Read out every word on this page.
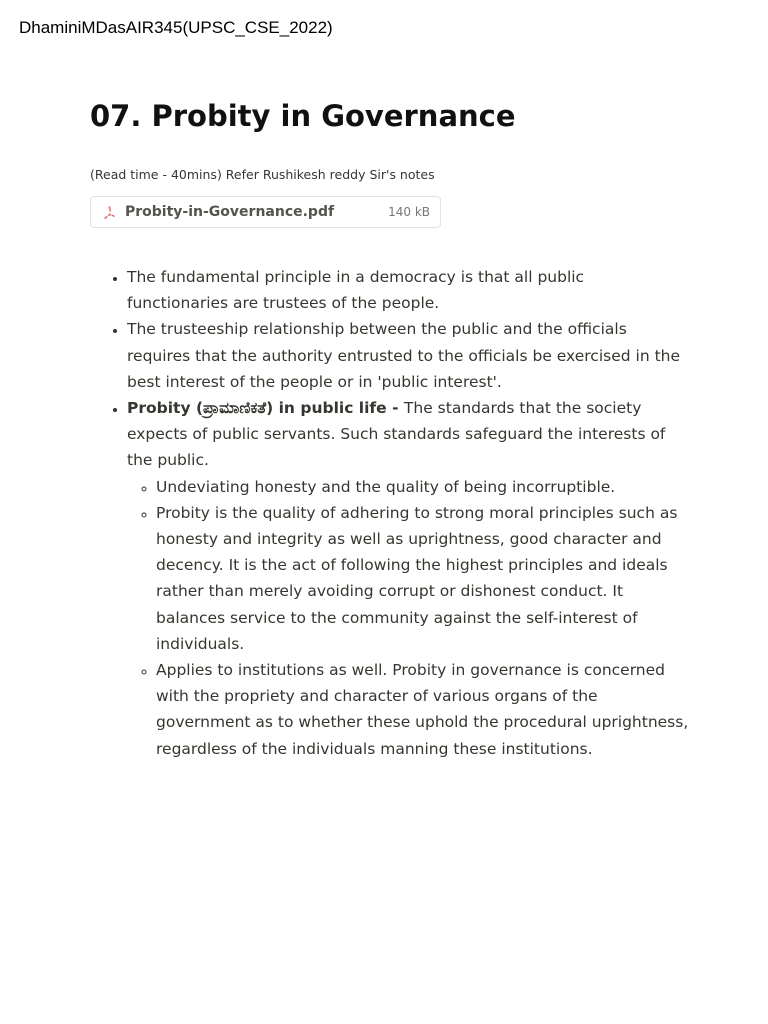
DhaminiMDasAIR345(UPSC_CSE_2022)
07. Probity in Governance
(Read time - 40mins) Refer Rushikesh reddy Sir's notes
Probity-in-Governance.pdf	140 kB
• The fundamental principle in a democracy is that all public functionaries are trustees of the people.
• The trusteeship relationship between the public and the officials requires that the authority entrusted to the officials be exercised in the best interest of the people or in 'public interest'.
• Probity (ಪ್ರಾಮಾಣಿಕತೆ) in public life - The standards that the society expects of public servants. Such standards safeguard the interests of the public.
◦ Undeviating honesty and the quality of being incorruptible.
◦ Probity is the quality of adhering to strong moral principles such as honesty and integrity as well as uprightness, good character and decency. It is the act of following the highest principles and ideals rather than merely avoiding corrupt or dishonest conduct. It balances service to the community against the self-interest of individuals.
◦ Applies to institutions as well. Probity in governance is concerned with the propriety and character of various organs of the government as to whether these uphold the procedural uprightness, regardless of the individuals manning these institutions.
